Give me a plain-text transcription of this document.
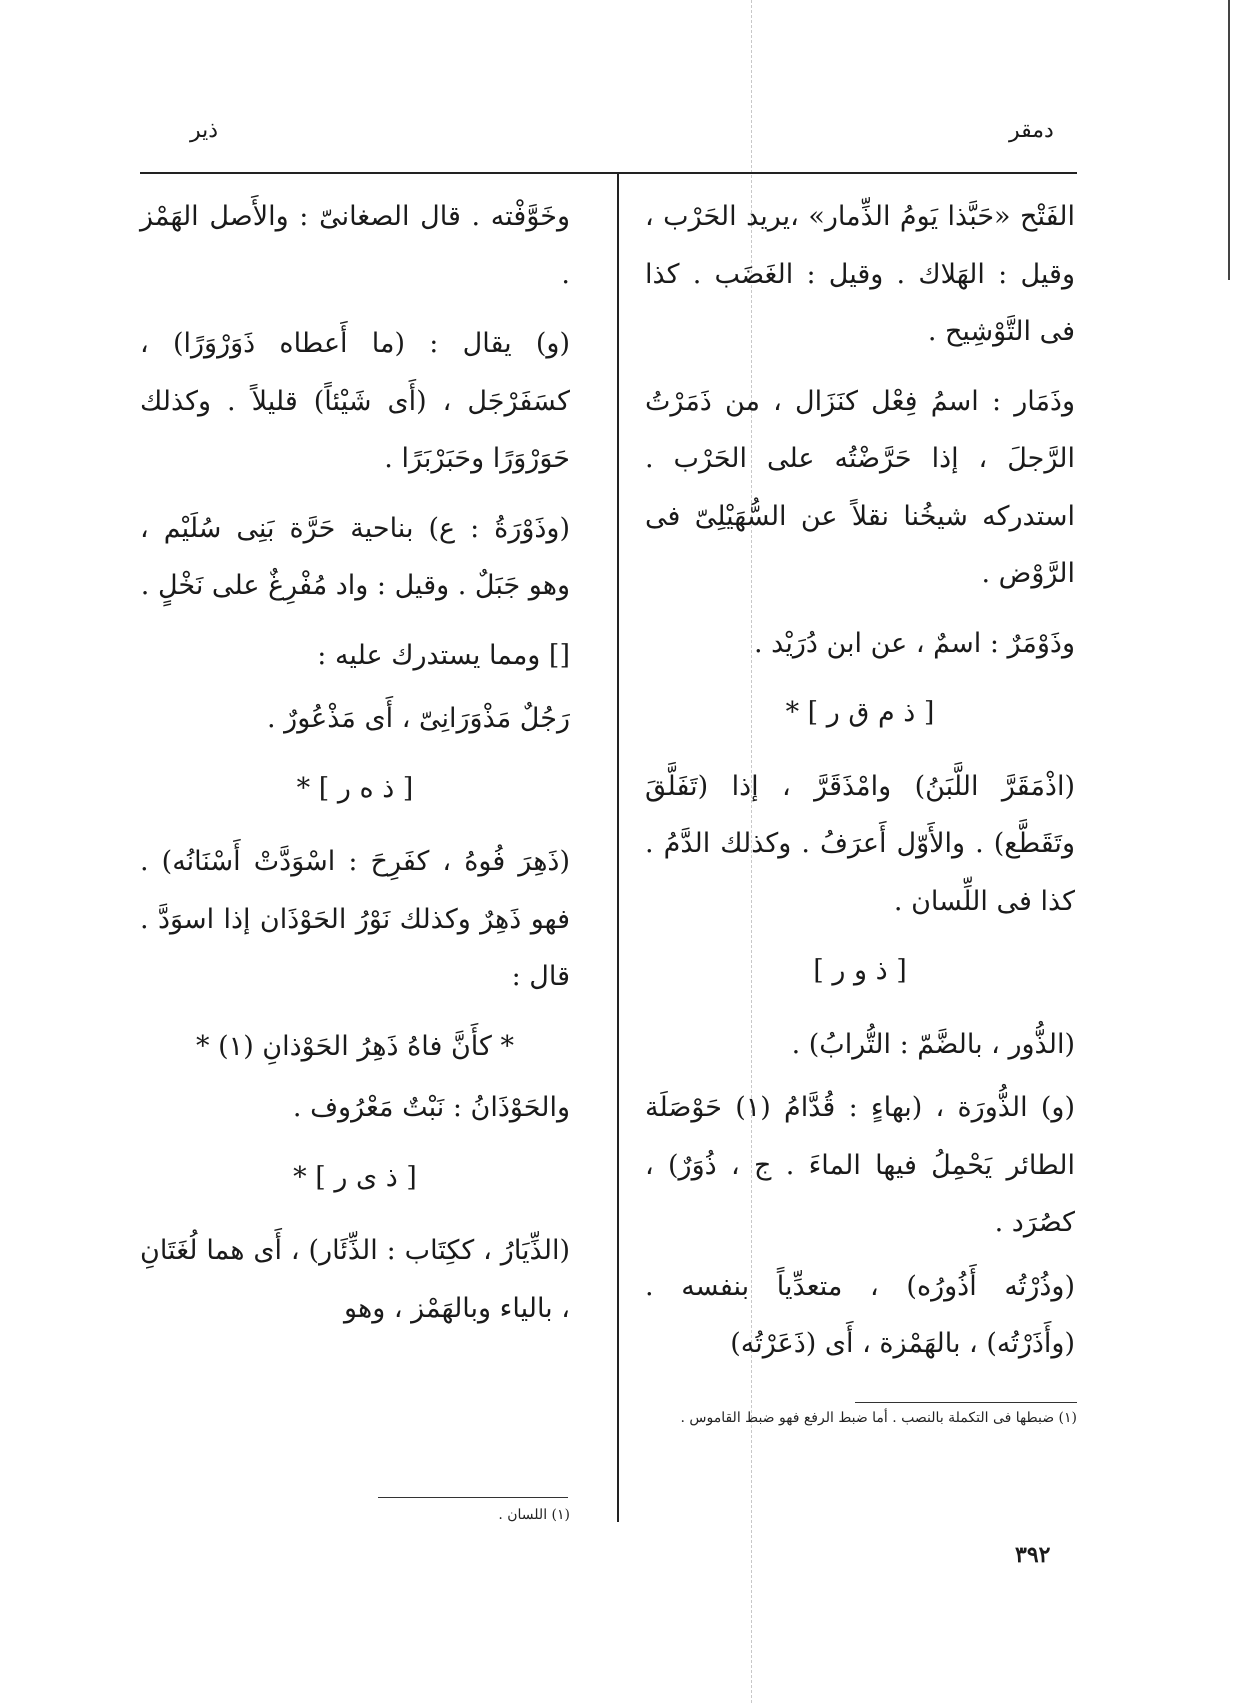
دمقر
ذير

الفَتْح «حَبَّذا يَومُ الذِّمار» ،يريد الحَرْب ، وقيل : الهَلاك . وقيل : الغَضَب . كذا فى التَّوْشِيح .

وذَمَار : اسمُ فِعْل كنَزَال ، من ذَمَرْتُ الرَّجلَ ، إذا حَرَّضْتُه على الحَرْب . استدركه شيخُنا نقلاً عن السُّهَيْلِىّ فى الرَّوْض .

وذَوْمَرٌ : اسمٌ ، عن ابن دُرَيْد .

[ ذ م ق ر ] *

(اذْمَقَرَّ اللَّبَنُ) وامْذَقَرَّ ، إذا (تَفَلَّقَ وتَقَطَّع) . والأَوّل أَعرَفُ . وكذلك الدَّمُ . كذا فى اللِّسان .

[ ذ و ر ]

(الذُّور ، بالضَّمّ : التُّرابُ) .

(و) الذُّورَة ، (بهاءٍ : قُدَّامُ (١) حَوْصَلَة الطائر يَحْمِلُ فيها الماءَ . ج ، ذُوَرٌ) ، كصُرَد .

(وذُرْتُه أَذُورُه) ، متعدِّياً بنفسه . (وأَذَرْتُه) ، بالهَمْزة ، أَى (ذَعَرْتُه)

وخَوَّفْته . قال الصغانىّ : والأَصل الهَمْز .

(و) يقال : (ما أَعطاه ذَوَرْوَرًا) ، كسَفَرْجَل ، (أَى شَيْئاً) قليلاً . وكذلك حَوَرْوَرًا وحَبَرْبَرًا .

(وذَوْرَةُ : ع) بناحية حَرَّة بَنِى سُلَيْم ، وهو جَبَلٌ . وقيل : واد مُفْرِغٌ على نَخْلٍ .

[] ومما يستدرك عليه :

رَجُلٌ مَذْوَرَانِىّ ، أَى مَذْعُورٌ .

[ ذ ه ر ] *

(ذَهِرَ فُوهُ ، كفَرِحَ : اسْوَدَّتْ أَسْنَانُه) . فهو ذَهِرٌ وكذلك نَوْرُ الحَوْذَان إذا اسوَدَّ . قال :

* كأَنَّ فاهُ ذَهِرُ الحَوْذانِ (١) *

والحَوْذَانُ : نَبْتٌ مَعْرُوف .

[ ذ ى ر ] *

(الذِّيَارُ ، ككِتَاب : الذِّئَار) ، أَى هما لُغَتَانِ ، بالياء وبالهَمْز ، وهو

(١) ضبطها فى التكملة بالنصب . أما ضبط الرفع فهو ضبط القاموس .
(١) اللسان .
٣٩٢
